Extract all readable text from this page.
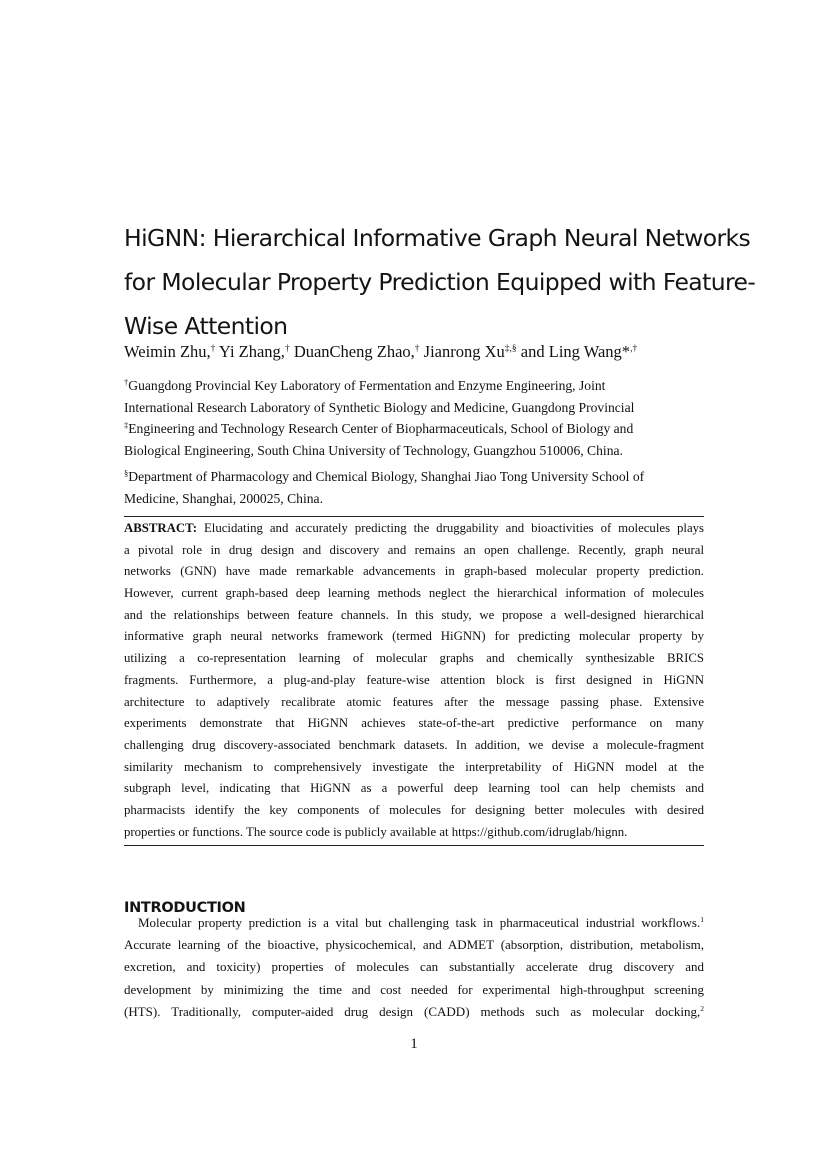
HiGNN: Hierarchical Informative Graph Neural Networks
for Molecular Property Prediction Equipped with Feature-
Wise Attention
Weimin Zhu,† Yi Zhang,† DuanCheng Zhao,† Jianrong Xu‡,§ and Ling Wang*,†
†Guangdong Provincial Key Laboratory of Fermentation and Enzyme Engineering, Joint
International Research Laboratory of Synthetic Biology and Medicine, Guangdong Provincial
‡Engineering and Technology Research Center of Biopharmaceuticals, School of Biology and
Biological Engineering, South China University of Technology, Guangzhou 510006, China.
§Department of Pharmacology and Chemical Biology, Shanghai Jiao Tong University School of
Medicine, Shanghai, 200025, China.
ABSTRACT: Elucidating and accurately predicting the druggability and bioactivities of molecules plays
a pivotal role in drug design and discovery and remains an open challenge. Recently, graph neural
networks (GNN) have made remarkable advancements in graph-based molecular property prediction.
However, current graph-based deep learning methods neglect the hierarchical information of molecules
and the relationships between feature channels. In this study, we propose a well-designed hierarchical
informative graph neural networks framework (termed HiGNN) for predicting molecular property by
utilizing a co-representation learning of molecular graphs and chemically synthesizable BRICS
fragments. Furthermore, a plug-and-play feature-wise attention block is first designed in HiGNN
architecture to adaptively recalibrate atomic features after the message passing phase. Extensive
experiments demonstrate that HiGNN achieves state-of-the-art predictive performance on many
challenging drug discovery-associated benchmark datasets. In addition, we devise a molecule-fragment
similarity mechanism to comprehensively investigate the interpretability of HiGNN model at the
subgraph level, indicating that HiGNN as a powerful deep learning tool can help chemists and
pharmacists identify the key components of molecules for designing better molecules with desired
properties or functions. The source code is publicly available at https://github.com/idruglab/hignn.
INTRODUCTION
Molecular property prediction is a vital but challenging task in pharmaceutical industrial workflows.$^1$
Accurate learning of the bioactive, physicochemical, and ADMET (absorption, distribution, metabolism,
excretion, and toxicity) properties of molecules can substantially accelerate drug discovery and
development by minimizing the time and cost needed for experimental high-throughput screening
(HTS). Traditionally, computer-aided drug design (CADD) methods such as molecular docking,$^2$
1
